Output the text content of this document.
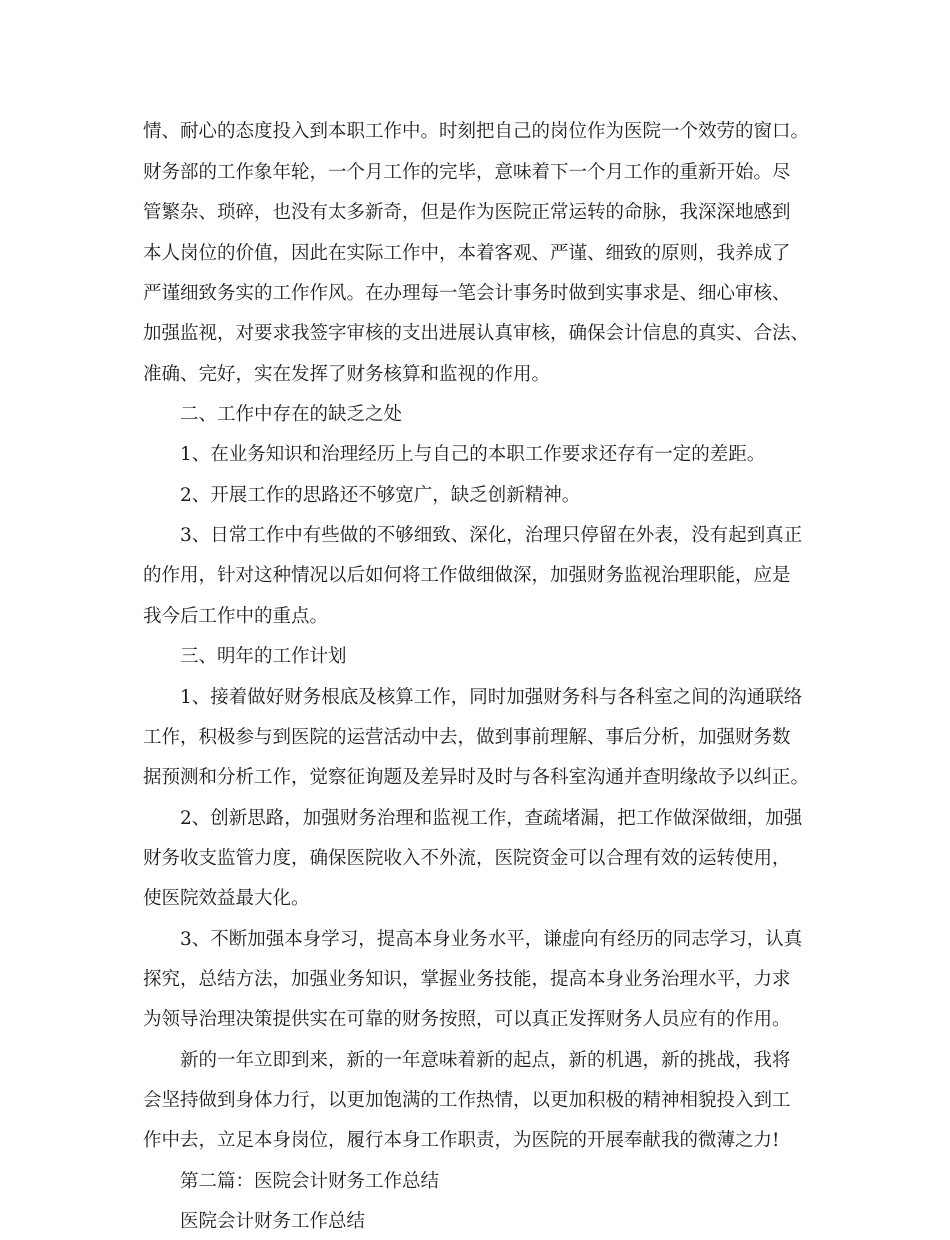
情、耐心的态度投入到本职工作中。时刻把自己的岗位作为医院一个效劳的窗口。
财务部的工作象年轮，一个月工作的完毕，意味着下一个月工作的重新开始。尽
管繁杂、琐碎，也没有太多新奇，但是作为医院正常运转的命脉，我深深地感到
本人岗位的价值，因此在实际工作中，本着客观、严谨、细致的原则，我养成了
严谨细致务实的工作作风。在办理每一笔会计事务时做到实事求是、细心审核、
加强监视，对要求我签字审核的支出进展认真审核，确保会计信息的真实、合法、
准确、完好，实在发挥了财务核算和监视的作用。
二、工作中存在的缺乏之处
1、在业务知识和治理经历上与自己的本职工作要求还存有一定的差距。
2、开展工作的思路还不够宽广，缺乏创新精神。
3、日常工作中有些做的不够细致、深化，治理只停留在外表，没有起到真正
的作用，针对这种情况以后如何将工作做细做深，加强财务监视治理职能，应是
我今后工作中的重点。
三、明年的工作计划
1、接着做好财务根底及核算工作，同时加强财务科与各科室之间的沟通联络
工作，积极参与到医院的运营活动中去，做到事前理解、事后分析，加强财务数
据预测和分析工作，觉察征询题及差异时及时与各科室沟通并查明缘故予以纠正。
2、创新思路，加强财务治理和监视工作，查疏堵漏，把工作做深做细，加强
财务收支监管力度，确保医院收入不外流，医院资金可以合理有效的运转使用，
使医院效益最大化。
3、不断加强本身学习，提高本身业务水平，谦虚向有经历的同志学习，认真
探究，总结方法，加强业务知识，掌握业务技能，提高本身业务治理水平，力求
为领导治理决策提供实在可靠的财务按照，可以真正发挥财务人员应有的作用。
新的一年立即到来，新的一年意味着新的起点，新的机遇，新的挑战，我将
会坚持做到身体力行，以更加饱满的工作热情，以更加积极的精神相貌投入到工
作中去，立足本身岗位，履行本身工作职责，为医院的开展奉献我的微薄之力!
第二篇：医院会计财务工作总结
医院会计财务工作总结
